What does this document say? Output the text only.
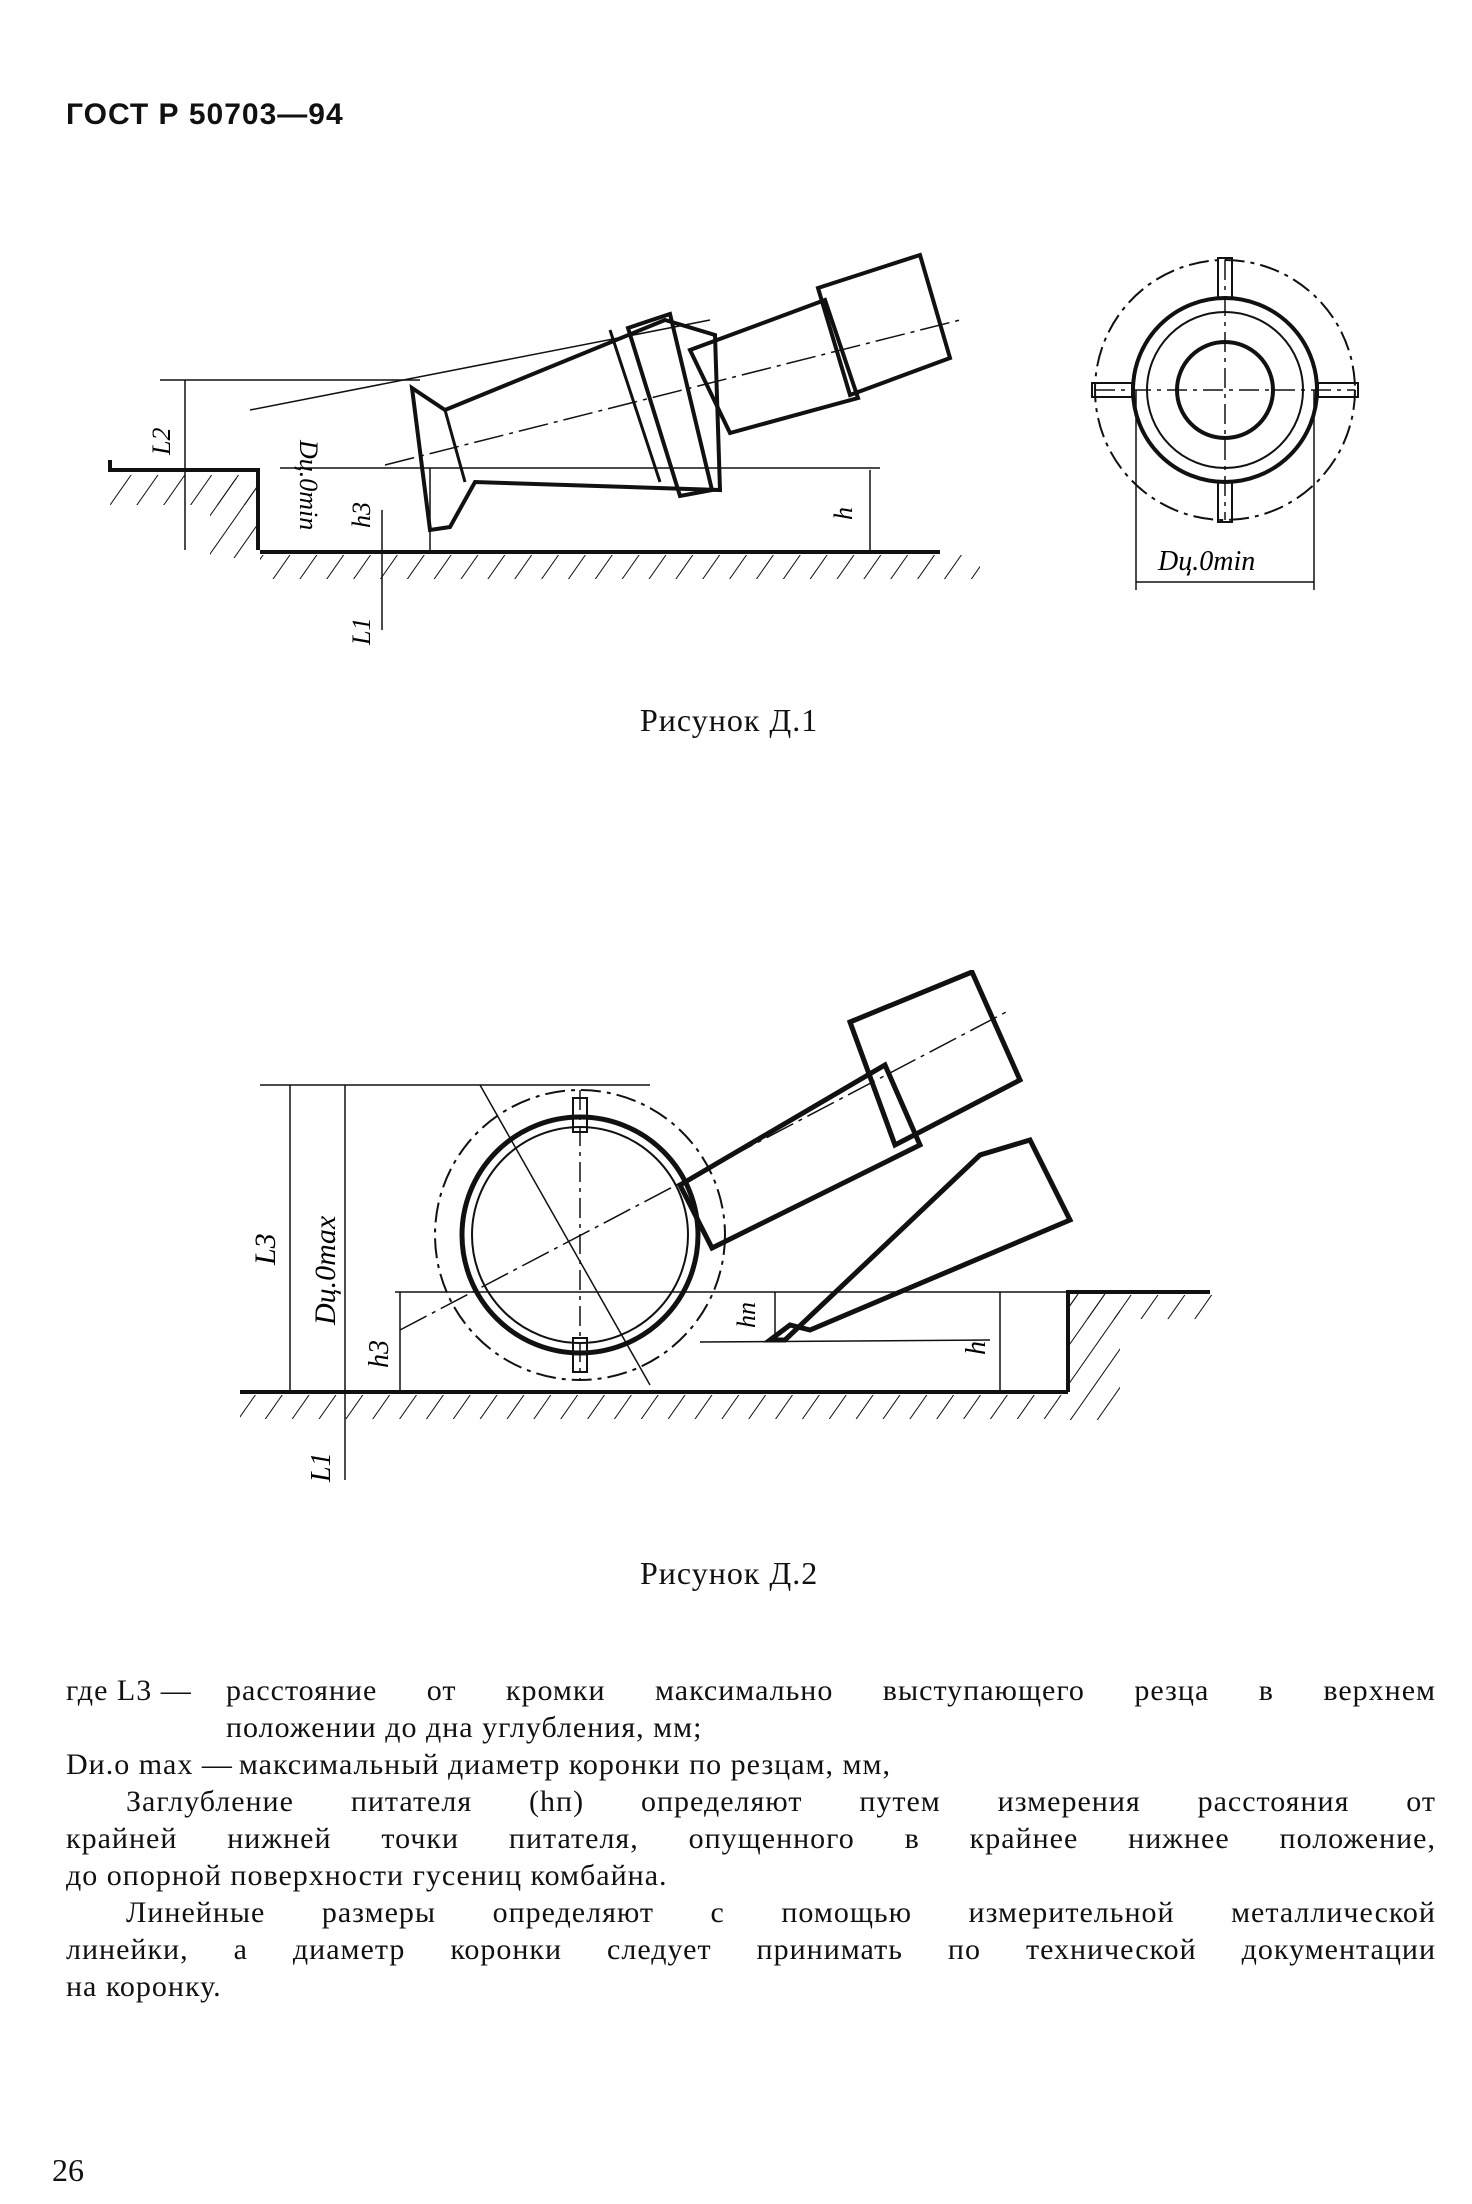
ГОСТ Р 50703—94
L2	Dц.0min h3	h
L1
Dц.0min
Рисунок Д.1
L3 Dц.0max
h3
hп
h
L1
Рисунок Д.2
где L3 —	расстояние от кромки максимально выступающего резца в верхнем
положении до дна углубления, мм;
Dи.о max — максимальный диаметр коронки по резцам, мм,
Заглубление питателя (hп) определяют путем измерения расстояния от
крайней нижней точки питателя, опущенного в крайнее нижнее положение,
до опорной поверхности гусениц комбайна.
Линейные размеры определяют с помощью измерительной металлической
линейки, а диаметр коронки следует принимать по технической документации
на коронку.
26
